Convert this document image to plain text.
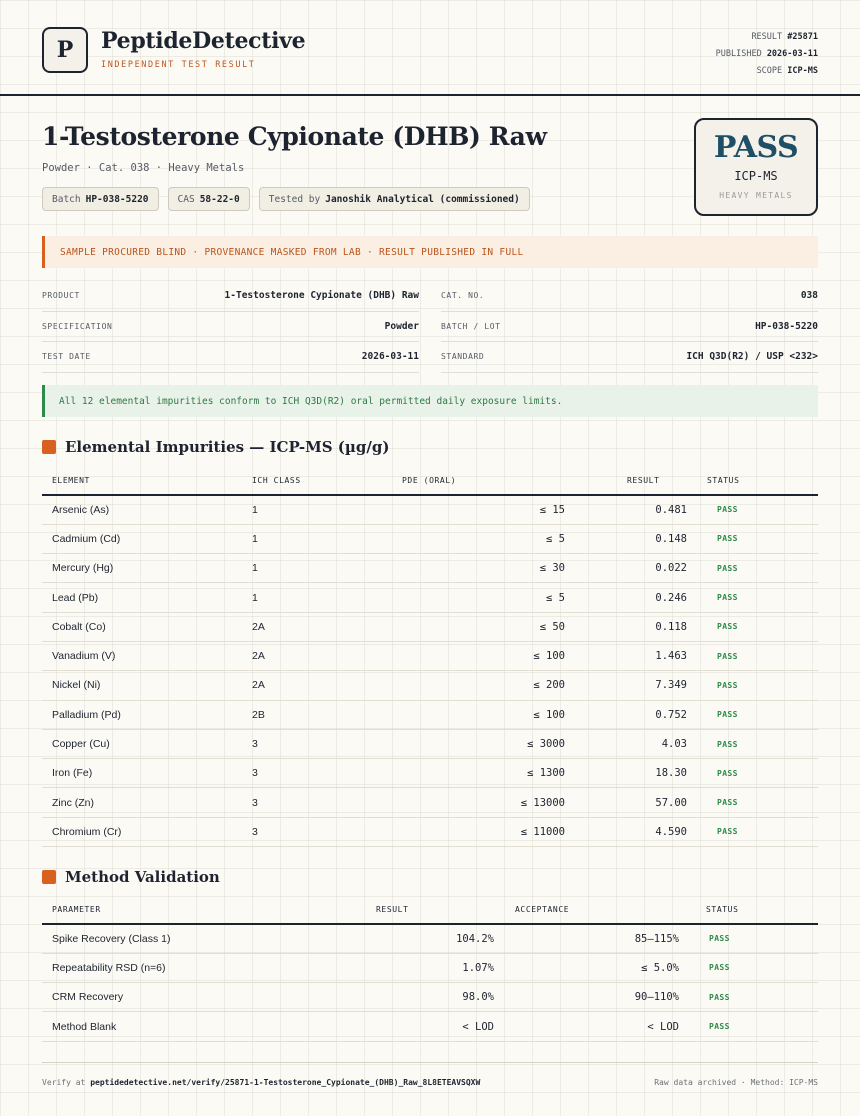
P	PeptideDetective
INDEPENDENT TEST RESULT
RESULT #25871
PUBLISHED 2026-03-11
SCOPE ICP-MS
1-Testosterone Cypionate (DHB) Raw
Powder · Cat. 038 · Heavy Metals
Batch HP-038-5220	CAS 58-22-0	Tested by Janoshik Analytical (commissioned)
PASS
ICP-MS
HEAVY METALS
SAMPLE PROCURED BLIND · PROVENANCE MASKED FROM LAB · RESULT PUBLISHED IN FULL
PRODUCT	1-Testosterone Cypionate (DHB) Raw	CAT. NO.	038
SPECIFICATION	Powder	BATCH / LOT	HP-038-5220
TEST DATE	2026-03-11	STANDARD	ICH Q3D(R2) / USP <232>
All 12 elemental impurities conform to ICH Q3D(R2) oral permitted daily exposure limits.
Elemental Impurities — ICP-MS (µg/g)
ELEMENT	ICH CLASS	PDE (ORAL)	RESULT	STATUS
Arsenic (As)	1	≤ 15	0.481	PASS
Cadmium (Cd)	1	≤ 5	0.148	PASS
Mercury (Hg)	1	≤ 30	0.022	PASS
Lead (Pb)	1	≤ 5	0.246	PASS
Cobalt (Co)	2A	≤ 50	0.118	PASS
Vanadium (V)	2A	≤ 100	1.463	PASS
Nickel (Ni)	2A	≤ 200	7.349	PASS
Palladium (Pd)	2B	≤ 100	0.752	PASS
Copper (Cu)	3	≤ 3000	4.03	PASS
Iron (Fe)	3	≤ 1300	18.30	PASS
Zinc (Zn)	3	≤ 13000	57.00	PASS
Chromium (Cr)	3	≤ 11000	4.590	PASS
Method Validation
PARAMETER	RESULT	ACCEPTANCE	STATUS
Spike Recovery (Class 1)	104.2%	85–115%	PASS
Repeatability RSD (n=6)	1.07%	≤ 5.0%	PASS
CRM Recovery	98.0%	90–110%	PASS
Method Blank	< LOD	< LOD	PASS
Verify at peptidedetective.net/verify/25871-1-Testosterone_Cypionate_(DHB)_Raw_8L8ETEAVSQXW	Raw data archived · Method: ICP-MS
